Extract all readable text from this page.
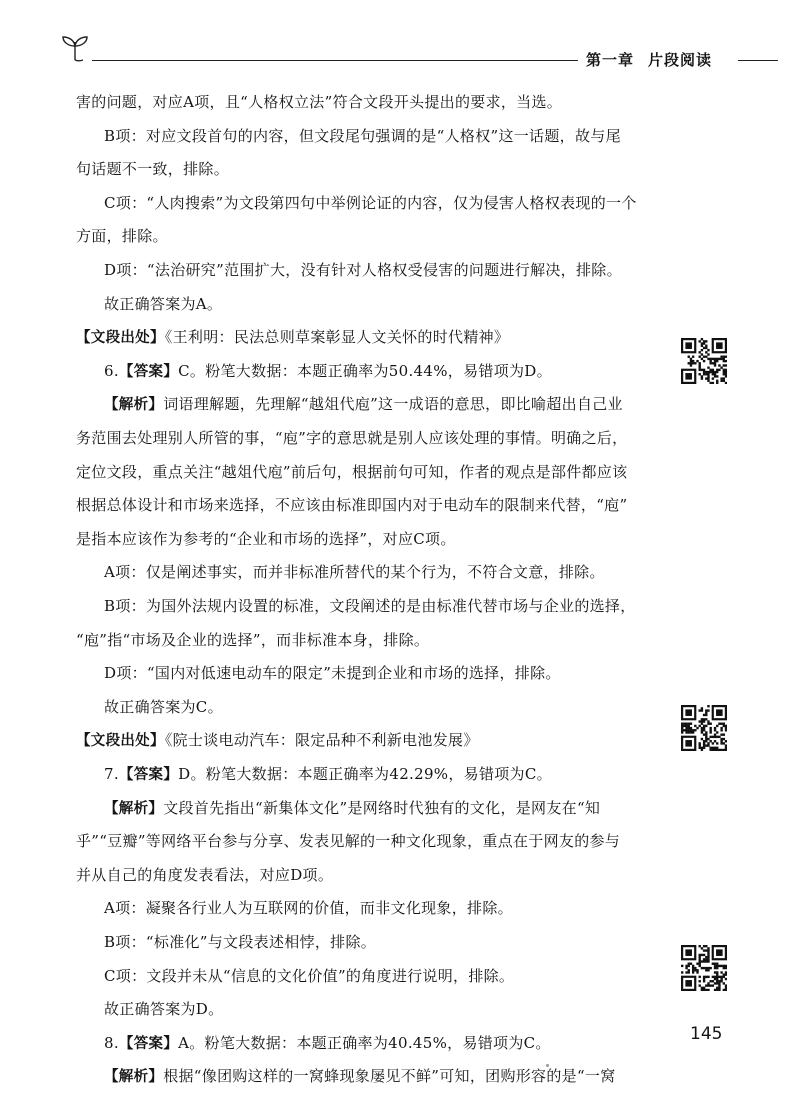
第一章 片段阅读
害的问题，对应A项，且“人格权立法”符合文段开头提出的要求，当选。
B项：对应文段首句的内容，但文段尾句强调的是“人格权”这一话题，故与尾
句话题不一致，排除。
C项：“人肉搜索”为文段第四句中举例论证的内容，仅为侵害人格权表现的一个
方面，排除。
D项：“法治研究”范围扩大，没有针对人格权受侵害的问题进行解决，排除。
故正确答案为A。
【文段出处】《王利明：民法总则草案彰显人文关怀的时代精神》
6.【答案】C。粉笔大数据：本题正确率为50.44%，易错项为D。
【解析】词语理解题，先理解“越俎代庖”这一成语的意思，即比喻超出自己业
务范围去处理别人所管的事，“庖”字的意思就是别人应该处理的事情。明确之后，
定位文段，重点关注“越俎代庖”前后句，根据前句可知，作者的观点是部件都应该
根据总体设计和市场来选择，不应该由标准即国内对于电动车的限制来代替，“庖”
是指本应该作为参考的“企业和市场的选择”，对应C项。
A项：仅是阐述事实，而并非标准所替代的某个行为，不符合文意，排除。
B项：为国外法规内设置的标准，文段阐述的是由标准代替市场与企业的选择，
“庖”指“市场及企业的选择”，而非标准本身，排除。
D项：“国内对低速电动车的限定”未提到企业和市场的选择，排除。
故正确答案为C。
【文段出处】《院士谈电动汽车：限定品种不利新电池发展》
7.【答案】D。粉笔大数据：本题正确率为42.29%，易错项为C。
【解析】文段首先指出“新集体文化”是网络时代独有的文化，是网友在“知
乎”“豆瓣”等网络平台参与分享、发表见解的一种文化现象，重点在于网友的参与
并从自己的角度发表看法，对应D项。
A项：凝聚各行业人为互联网的价值，而非文化现象，排除。
B项：“标准化”与文段表述相悖，排除。
C项：文段并未从“信息的文化价值”的角度进行说明，排除。
故正确答案为D。
8.【答案】A。粉笔大数据：本题正确率为40.45%，易错项为C。
【解析】根据“像团购这样的一窝蜂现象屡见不鲜”可知，团购形容的是“一窝
145
